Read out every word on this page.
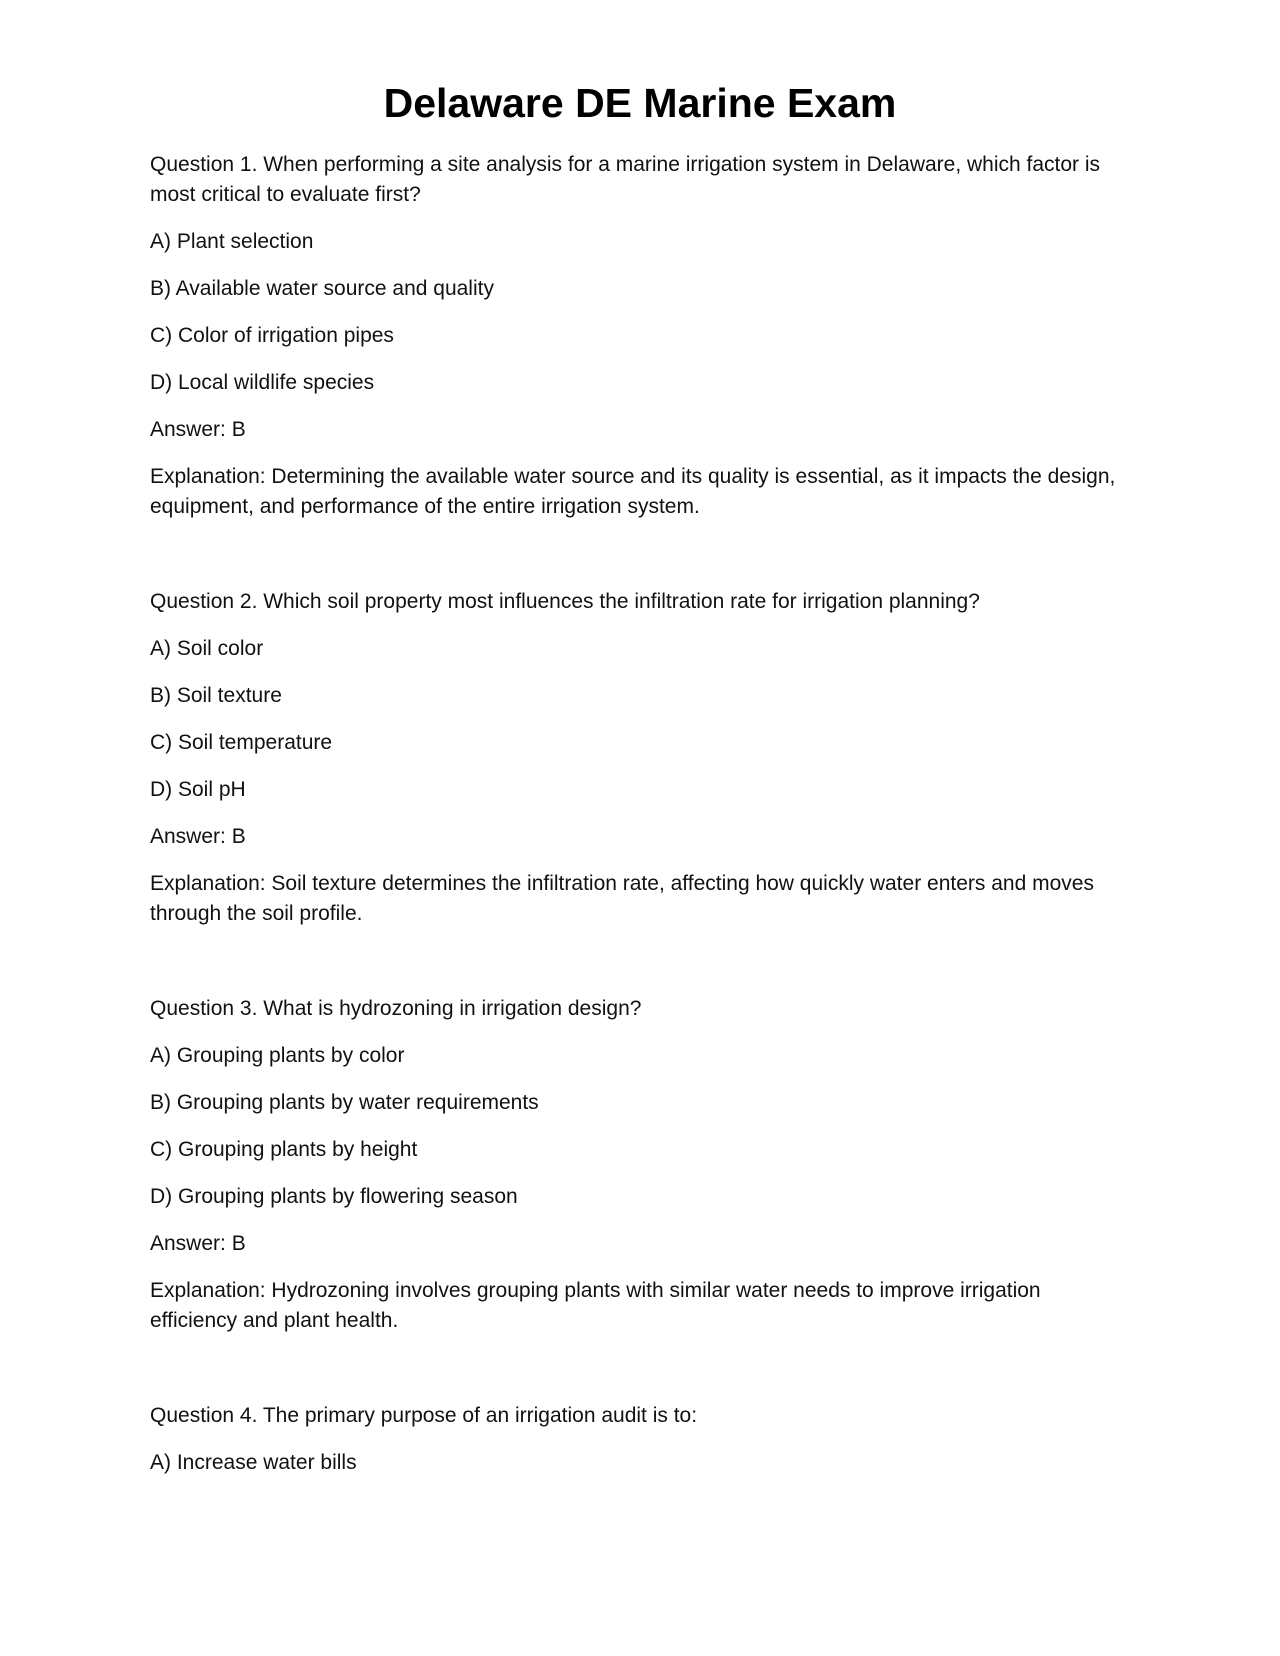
Delaware DE Marine Exam

Question 1. When performing a site analysis for a marine irrigation system in Delaware, which factor is most critical to evaluate first?

A) Plant selection

B) Available water source and quality

C) Color of irrigation pipes

D) Local wildlife species

Answer: B

Explanation: Determining the available water source and its quality is essential, as it impacts the design, equipment, and performance of the entire irrigation system.

Question 2. Which soil property most influences the infiltration rate for irrigation planning?

A) Soil color

B) Soil texture

C) Soil temperature

D) Soil pH

Answer: B

Explanation: Soil texture determines the infiltration rate, affecting how quickly water enters and moves through the soil profile.

Question 3. What is hydrozoning in irrigation design?

A) Grouping plants by color

B) Grouping plants by water requirements

C) Grouping plants by height

D) Grouping plants by flowering season

Answer: B

Explanation: Hydrozoning involves grouping plants with similar water needs to improve irrigation efficiency and plant health.

Question 4. The primary purpose of an irrigation audit is to:

A) Increase water bills
